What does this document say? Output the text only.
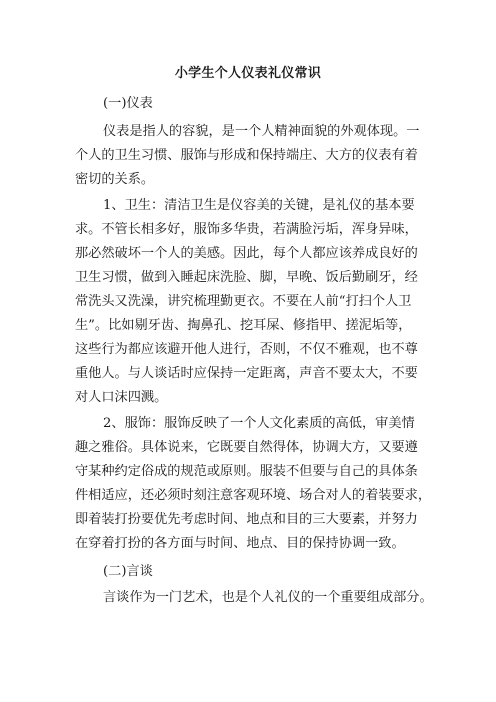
小学生个人仪表礼仪常识
(一)仪表
仪表是指人的容貌，是一个人精神面貌的外观体现。一
个人的卫生习惯、服饰与形成和保持端庄、大方的仪表有着
密切的关系。
1、卫生：清洁卫生是仪容美的关键，是礼仪的基本要
求。不管长相多好，服饰多华贵，若满脸污垢，浑身异味，
那必然破坏一个人的美感。因此，每个人都应该养成良好的
卫生习惯，做到入睡起床洗脸、脚，早晚、饭后勤刷牙，经
常洗头又洗澡，讲究梳理勤更衣。不要在人前“打扫个人卫
生”。比如剔牙齿、掏鼻孔、挖耳屎、修指甲、搓泥垢等，
这些行为都应该避开他人进行，否则，不仅不雅观，也不尊
重他人。与人谈话时应保持一定距离，声音不要太大，不要
对人口沫四溅。
2、服饰：服饰反映了一个人文化素质的高低，审美情
趣之雅俗。具体说来，它既要自然得体，协调大方，又要遵
守某种约定俗成的规范或原则。服装不但要与自己的具体条
件相适应，还必须时刻注意客观环境、场合对人的着装要求，
即着装打扮要优先考虑时间、地点和目的三大要素，并努力
在穿着打扮的各方面与时间、地点、目的保持协调一致。
(二)言谈
言谈作为一门艺术，也是个人礼仪的一个重要组成部分。
